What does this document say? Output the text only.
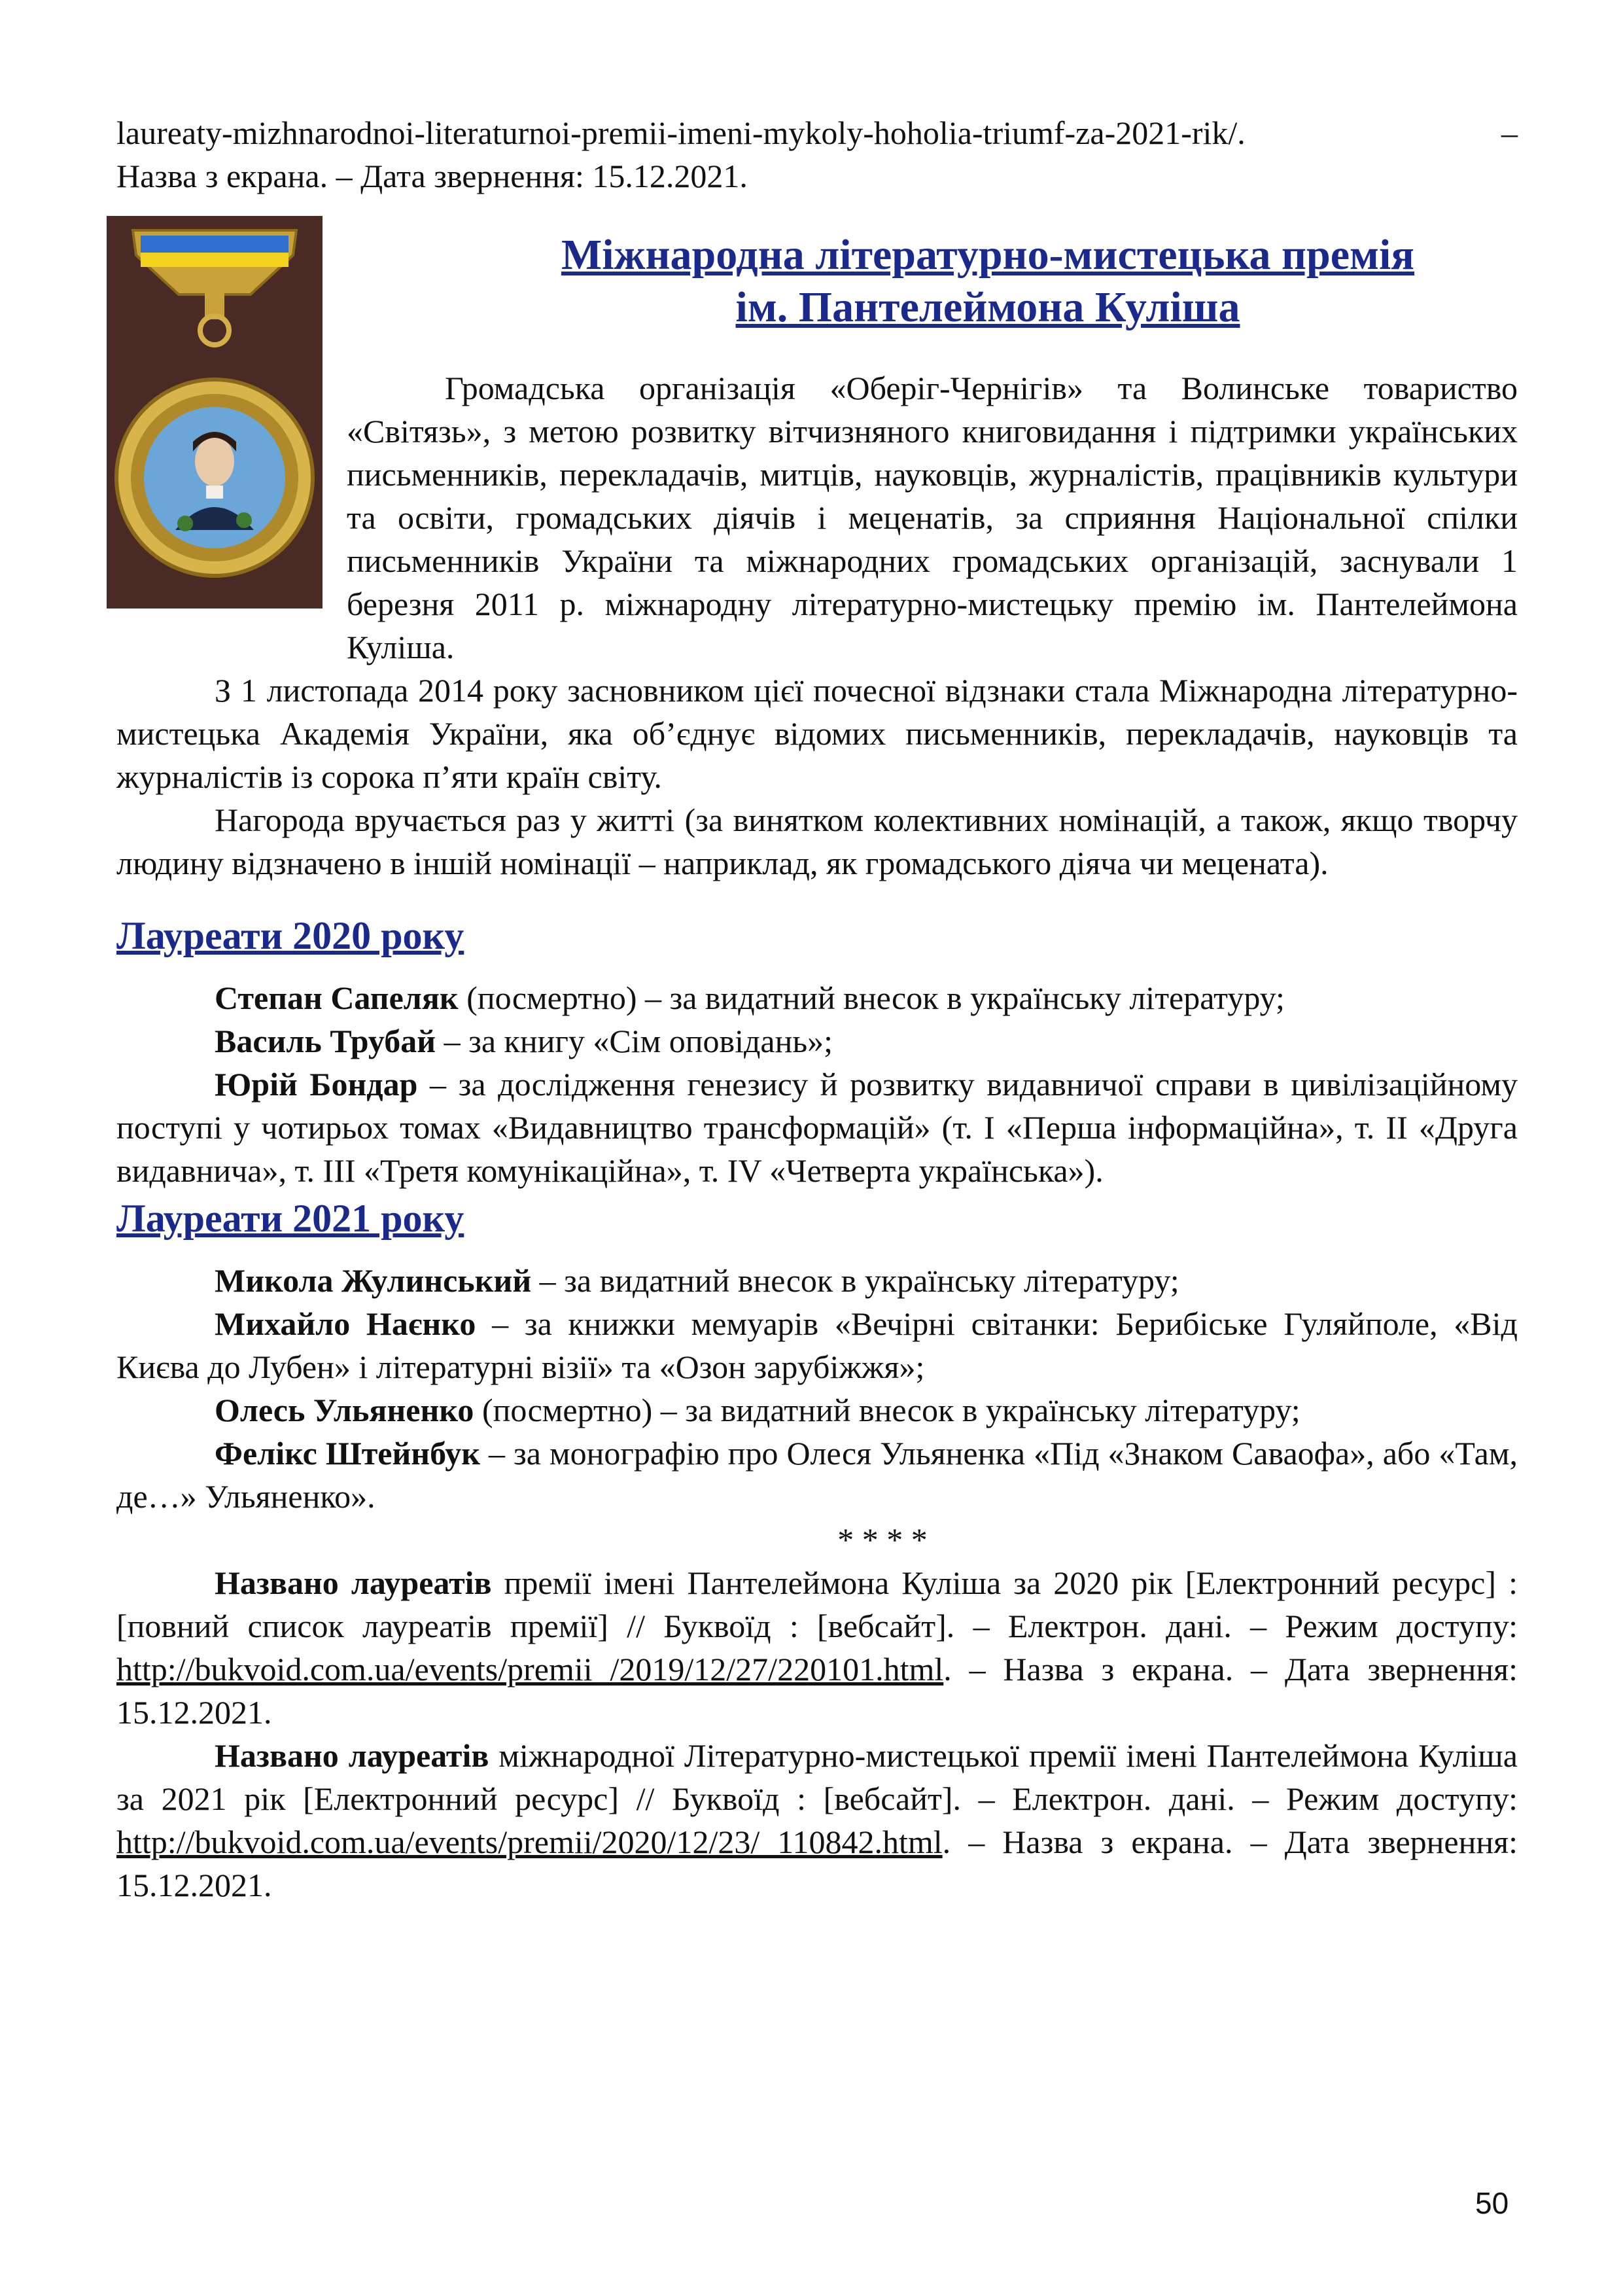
laureaty-mizhnarodnoi-literaturnoi-premii-imeni-mykoly-hoholia-triumf-za-2021-rik/.	–

Назва з екрана. – Дата звернення: 15.12.2021.

Міжнародна літературно-мистецька премія
ім. Пантелеймона Куліша

Громадська організація «Оберіг-Чернігів» та Волинське товариство «Світязь», з метою розвитку вітчизняного книговидання і підтримки українських письменників, перекладачів, митців, науковців, журналістів, працівників культури та освіти, громадських діячів і меценатів, за сприяння Національної спілки письменників України та міжнародних громадських організацій, заснували 1 березня 2011 р. міжнародну літературно-мистецьку премію ім. Пантелеймона Куліша.

З 1 листопада 2014 року засновником цієї почесної відзнаки стала Міжнародна літературно-мистецька Академія України, яка об’єднує відомих письменників, перекладачів, науковців та журналістів із сорока п’яти країн світу.

Нагорода вручається раз у житті (за винятком колективних номінацій, а також, якщо творчу людину відзначено в іншій номінації – наприклад, як громадського діяча чи мецената).

Лауреати 2020 року

Степан Сапеляк (посмертно) – за видатний внесок в українську літературу;

Василь Трубай – за книгу «Сім оповідань»;

Юрій Бондар – за дослідження генезису й розвитку видавничої справи в цивілізаційному поступі у чотирьох томах «Видавництво трансформацій» (т. І «Перша інформаційна», т. ІІ «Друга видавнича», т. ІІІ «Третя комунікаційна», т. IV «Четверта українська»).

Лауреати 2021 року

Микола Жулинський – за видатний внесок в українську літературу;

Михайло Наєнко – за книжки мемуарів «Вечірні світанки: Берибіське Гуляйполе, «Від Києва до Лубен» і літературні візії» та «Озон зарубіжжя»;

Олесь Ульяненко (посмертно) – за видатний внесок в українську літературу;

Фелікс Штейнбук – за монографію про Олеся Ульяненка «Під «Знаком Саваофа», або «Там, де…» Ульяненко».

* * * *

Названо лауреатів премії імені Пантелеймона Куліша за 2020 рік [Електронний ресурс] : [повний список лауреатів премії] // Буквоїд : [вебсайт]. – Електрон. дані. – Режим доступу: http://bukvoid.com.ua/events/premii /2019/12/27/220101.html. – Назва з екрана. – Дата звернення: 15.12.2021.

Названо лауреатів міжнародної Літературно-мистецької премії імені Пантелеймона Куліша за 2021 рік [Електронний ресурс] // Буквоїд : [вебсайт]. – Електрон. дані. – Режим доступу: http://bukvoid.com.ua/events/premii/2020/12/23/ 110842.html. – Назва з екрана. – Дата звернення: 15.12.2021.

50
